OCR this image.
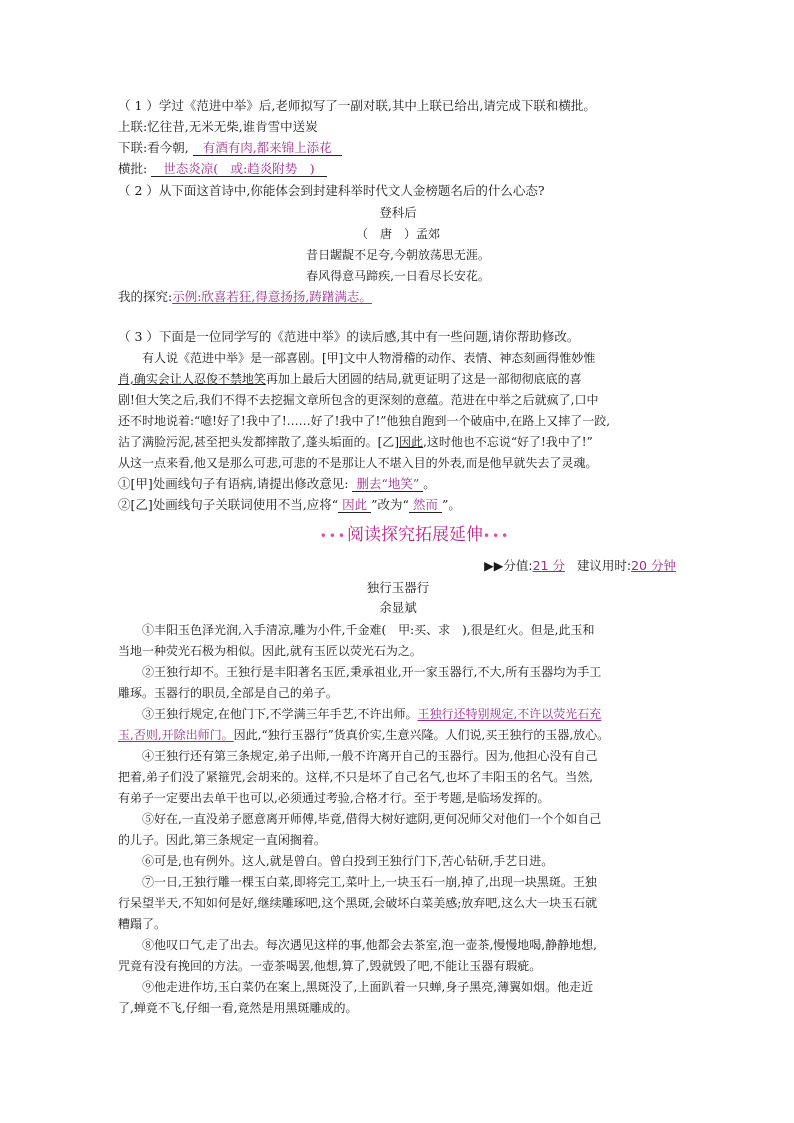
（ 1 ）学过《范进中举》后,老师拟写了一副对联,其中上联已给出,请完成下联和横批。
上联:忆往昔,无米无柴,谁肯雪中送炭
下联:看今朝, 有酒有肉,都来锦上添花
横批: 世态炎凉(　或:趋炎附势　)
（ 2 ）从下面这首诗中,你能体会到封建科举时代文人金榜题名后的什么心态?
登科后
（　唐　）孟郊
昔日龌龊不足夸,今朝放荡思无涯。
春风得意马蹄疾,一日看尽长安花。
我的探究:示例:欣喜若狂,得意扬扬,踌躇满志。
（ 3 ）下面是一位同学写的《范进中举》的读后感,其中有一些问题,请你帮助修改。
有人说《范进中举》是一部喜剧。[甲]文中人物滑稽的动作、表情、神态刻画得惟妙惟
肖,确实会让人忍俊不禁地笑再加上最后大团圆的结局,就更证明了这是一部彻彻底底的喜
剧!但大笑之后,我们不得不去挖掘文章所包含的更深刻的意蕴。范进在中举之后就疯了,口中
还不时地说着:“噫!好了!我中了!……好了!我中了!”他独自跑到一个破庙中,在路上又摔了一跤,
沾了满脸污泥,甚至把头发都摔散了,蓬头垢面的。[乙]因此,这时他也不忘说“好了!我中了!”
从这一点来看,他又是那么可悲,可悲的不是那让人不堪入目的外表,而是他早就失去了灵魂。
①[甲]处画线句子有语病,请提出修改意见: 删去“地笑” 。
②[乙]处画线句子关联词使用不当,应将“ 因此 ”改为“ 然而 ”。
•••阅读探究拓展延伸•••
▶▶分值:21 分 建议用时:20 分钟
独行玉器行
余显斌
①丰阳玉色泽光润,入手清凉,雕为小件,千金难(　甲:买、求　),很是红火。但是,此玉和
当地一种荧光石极为相似。因此,就有玉匠以荧光石为之。
②王独行却不。王独行是丰阳著名玉匠,秉承祖业,开一家玉器行,不大,所有玉器均为手工
雕琢。玉器行的职员,全部是自己的弟子。
③王独行规定,在他门下,不学满三年手艺,不许出师。王独行还特别规定,不许以荧光石充
玉,否则,开除出师门。因此,“独行玉器行”货真价实,生意兴隆。人们说,买王独行的玉器,放心。
④王独行还有第三条规定,弟子出师,一般不许离开自己的玉器行。因为,他担心没有自己
把着,弟子们没了紧箍咒,会胡来的。这样,不只是坏了自己名气,也坏了丰阳玉的名气。当然,
有弟子一定要出去单干也可以,必须通过考验,合格才行。至于考题,是临场发挥的。
⑤好在,一直没弟子愿意离开师傅,毕竟,借得大树好遮阴,更何况师父对他们一个个如自己
的儿子。因此,第三条规定一直闲搁着。
⑥可是,也有例外。这人,就是曾白。曾白投到王独行门下,苦心钻研,手艺日进。
⑦一日,王独行雕一棵玉白菜,即将完工,菜叶上,一块玉石一崩,掉了,出现一块黑斑。王独
行呆望半天,不知如何是好,继续雕琢吧,这个黑斑,会破坏白菜美感;放弃吧,这么大一块玉石就
糟蹋了。
⑧他叹口气,走了出去。每次遇见这样的事,他都会去茶室,泡一壶茶,慢慢地喝,静静地想,
咒竟有没有挽回的方法。一壶茶喝罢,他想,算了,毁就毁了吧,不能让玉器有瑕疵。
⑨他走进作坊,玉白菜仍在案上,黑斑没了,上面趴着一只蝉,身子黑亮,薄翼如烟。他走近
了,蝉竟不飞,仔细一看,竟然是用黑斑雕成的。
